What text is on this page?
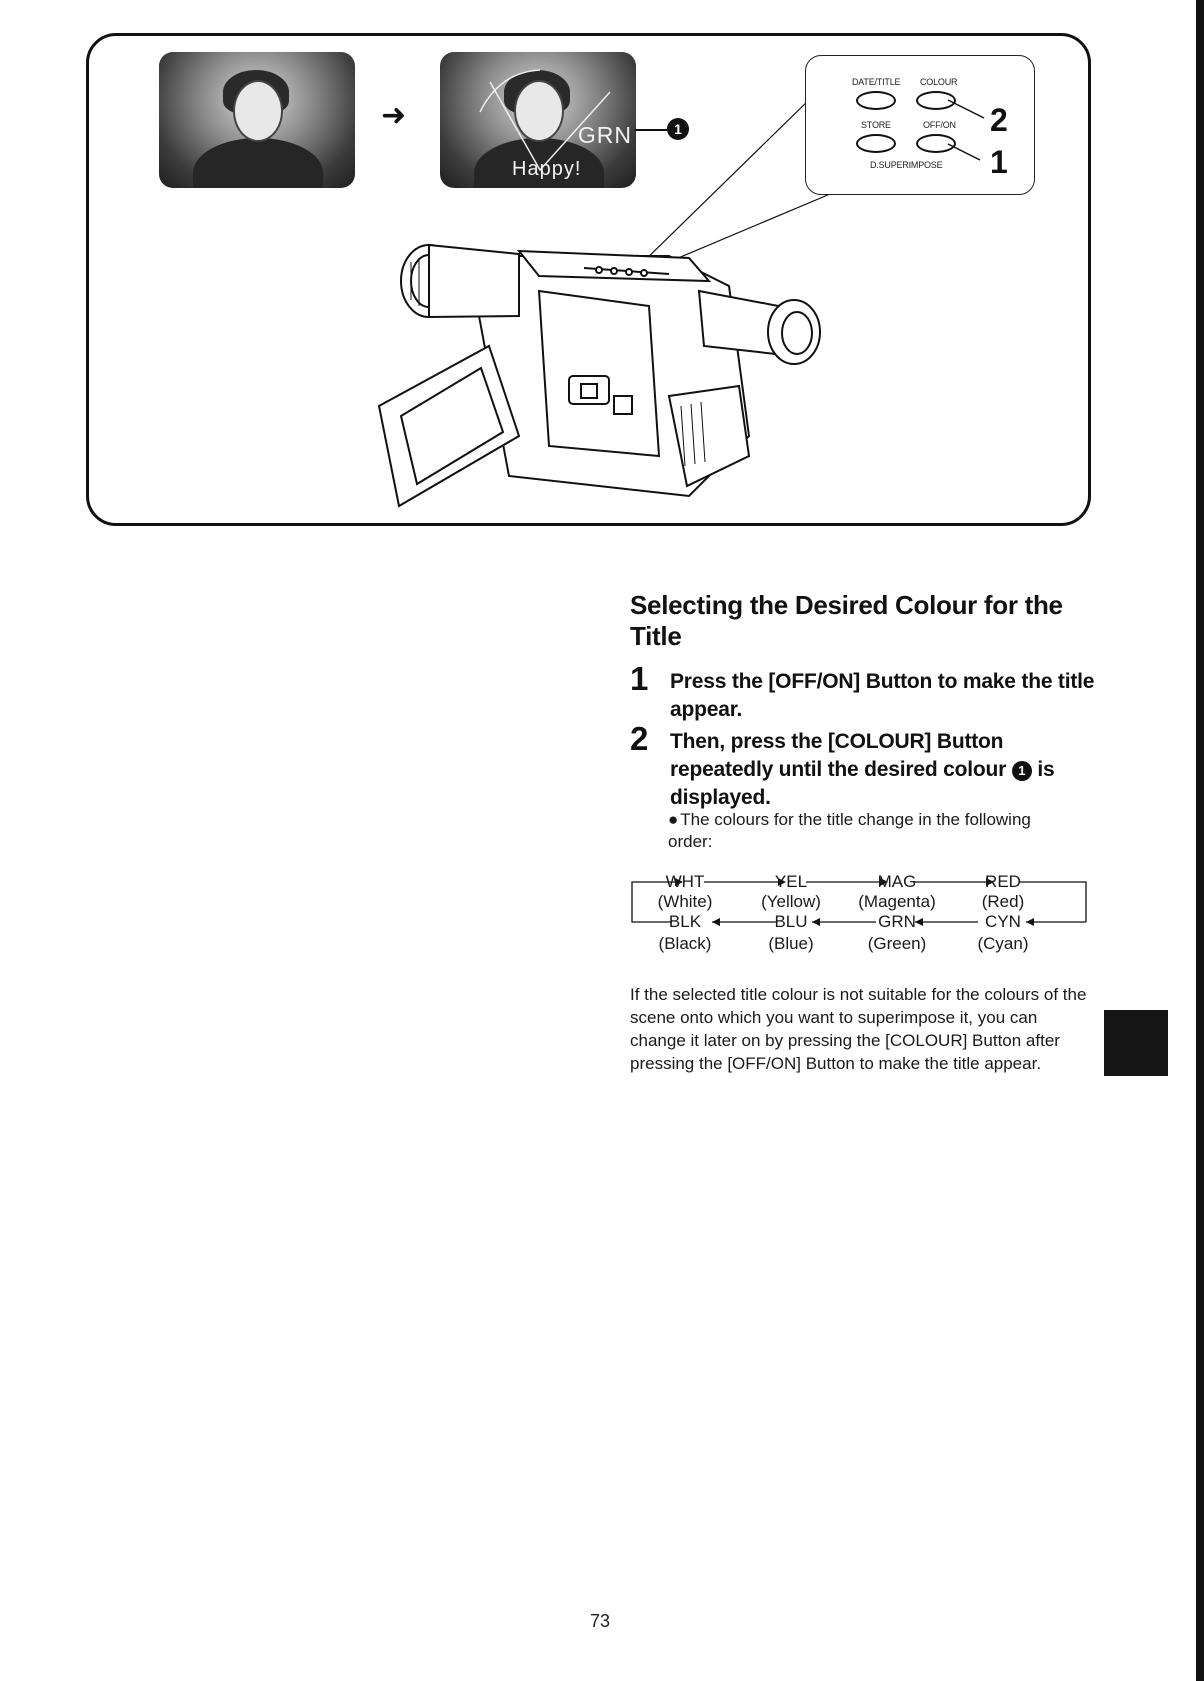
➜
GRN
Happy!
1
DATE/TITLE COLOUR
STORE	OFF/ON
D.SUPERIMPOSE
2
1
Selecting the Desired Colour for the Title
1 Press the [OFF/ON] Button to make the title appear.
2 Then, press the [COLOUR] Button repeatedly until the desired colour 1 is displayed.
● The colours for the title change in the following order:
WHT
(White)
YEL
(Yellow)
MAG
(Magenta)
RED
(Red)
BLK
(Black)
BLU
(Blue)
GRN
(Green)
CYN
(Cyan)
If the selected title colour is not suitable for the colours of the scene onto which you want to superimpose it, you can change it later on by pressing the [COLOUR] Button after pressing the [OFF/ON] Button to make the title appear.
73
